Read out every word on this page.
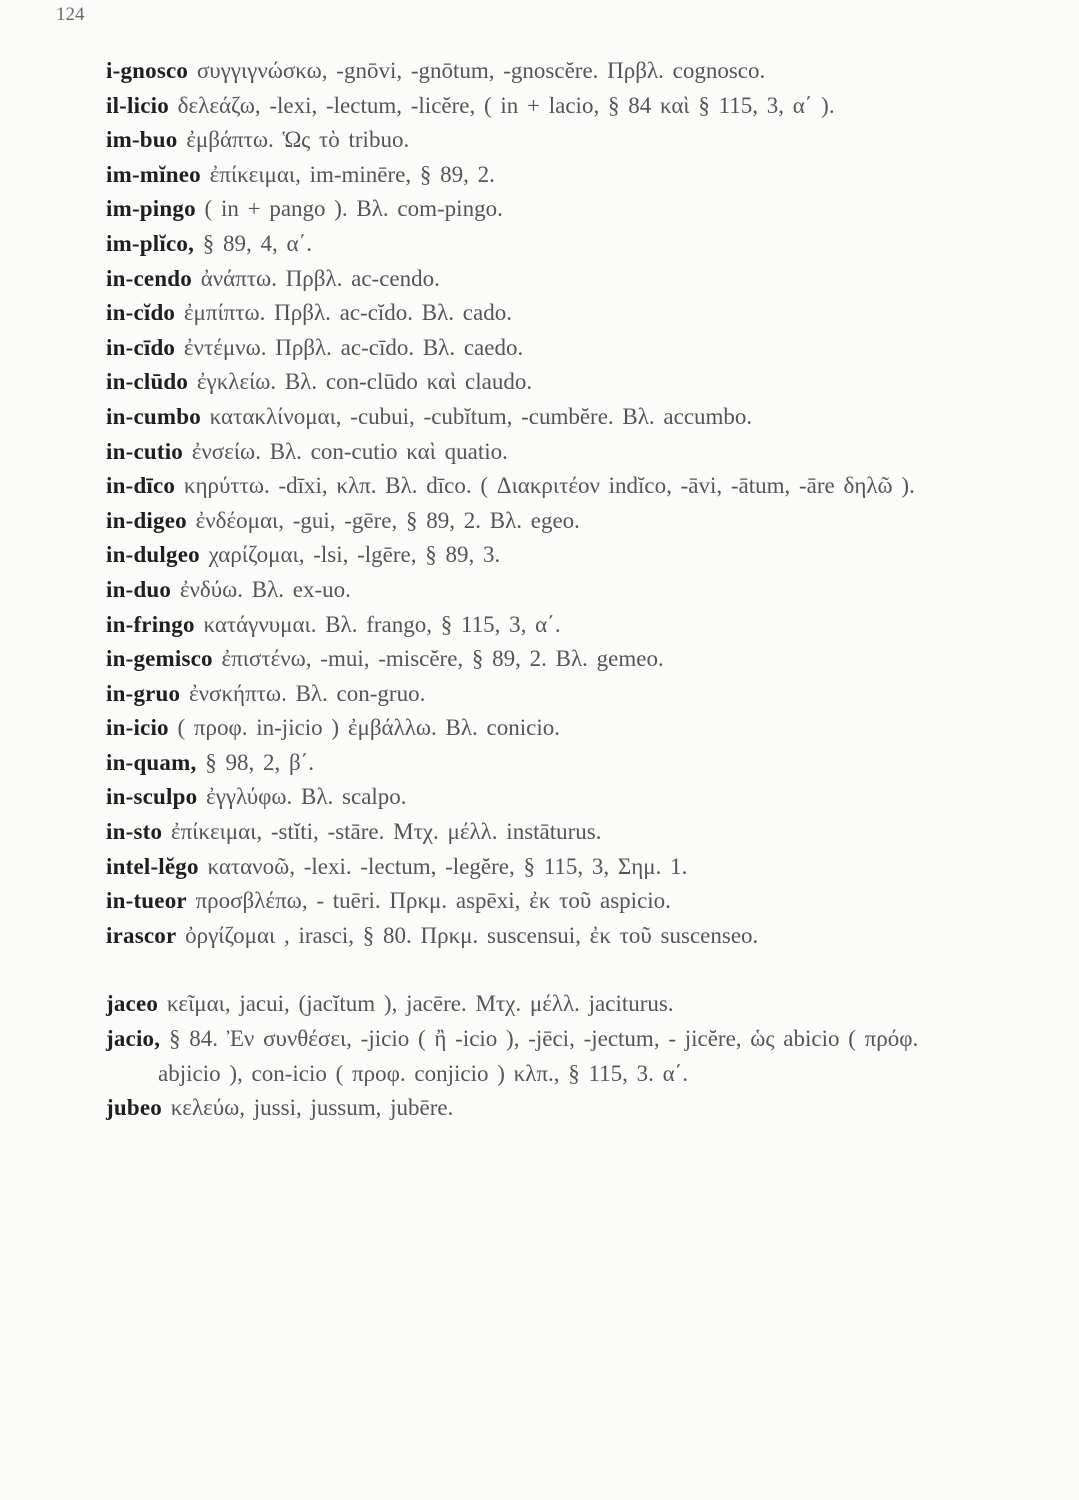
124

i-gnosco συγγιγνώσκω, -gnōvi, -gnōtum, -gnoscĕre. Πρβλ. cognosco.

il-licio δελεάζω, -lexi, -lectum, -licĕre, ( in + lacio, § 84 καὶ § 115, 3, α΄ ).

im-buo ἐμβάπτω. Ὡς τὸ tribuo.

im-mĭneo ἐπίκειμαι, im-minēre, § 89, 2.

im-pingo ( in + pango ). Βλ. com-pingo.

im-plĭco, § 89, 4, α΄.

in-cendo ἀνάπτω. Πρβλ. ac-cendo.

in-cĭdo ἐμπίπτω. Πρβλ. ac-cĭdo. Βλ. cado.

in-cīdo ἐντέμνω. Πρβλ. ac-cīdo. Βλ. caedo.

in-clūdo ἐγκλείω. Βλ. con-clūdo καὶ claudo.

in-cumbo κατακλίνομαι, -cubui, -cubĭtum, -cumbĕre. Βλ. accumbo.

in-cutio ἐνσείω. Βλ. con-cutio καὶ quatio.

in-dīco κηρύττω. -dīxi, κλπ. Βλ. dīco. ( Διακριτέον indĭco, -āvi, -ātum, -āre δηλῶ ).

in-digeo ἐνδέομαι, -gui, -gēre, § 89, 2. Βλ. egeo.

in-dulgeo χαρίζομαι, -lsi, -lgēre, § 89, 3.

in-duo ἐνδύω. Βλ. ex-uo.

in-fringo κατάγνυμαι. Βλ. frango, § 115, 3, α΄.

in-gemisco ἐπιστένω, -mui, -miscĕre, § 89, 2. Βλ. gemeo.

in-gruo ἐνσκήπτω. Βλ. con-gruo.

in-icio ( προφ. in-jicio ) ἐμβάλλω. Βλ. conicio.

in-quam, § 98, 2, β΄.

in-sculpo ἐγγλύφω. Βλ. scalpo.

in-sto ἐπίκειμαι, -stĭti, -stāre. Μτχ. μέλλ. instāturus.

intel-lĕgo κατανοῶ, -lexi. -lectum, -legĕre, § 115, 3, Σημ. 1.

in-tueor προσβλέπω, - tuēri. Πρκμ. aspēxi, ἐκ τοῦ aspicio.

irascor ὀργίζομαι , irasci, § 80. Πρκμ. suscensui, ἐκ τοῦ suscenseo.

jaceo κεῖμαι, jacui, (jacĭtum ), jacēre. Μτχ. μέλλ. jaciturus.

jacio, § 84. Ἐν συνθέσει, -jicio ( ἢ -icio ), -jēci, -jectum, - jicĕre, ὡς abicio ( πρόφ. abjicio ), con-icio ( προφ. conjicio ) κλπ., § 115, 3. α΄.

jubeo κελεύω, jussi, jussum, jubēre.
